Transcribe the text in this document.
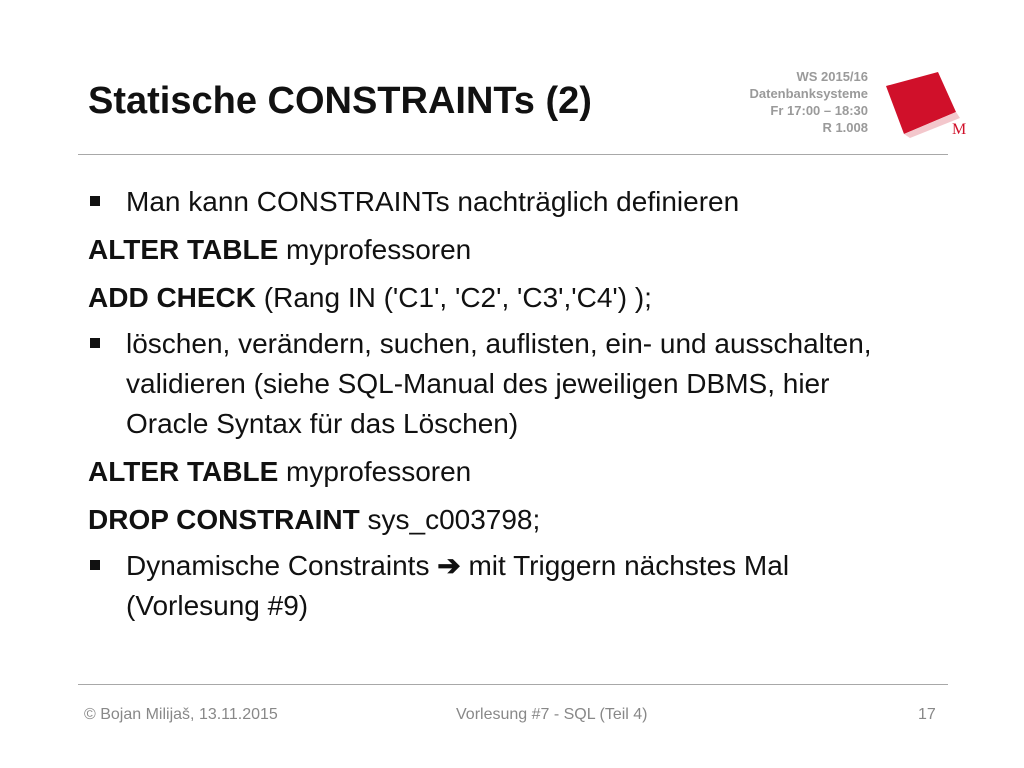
Statische CONSTRAINTs (2)
WS 2015/16
Datenbanksysteme
Fr 17:00 – 18:30
R 1.008	M
Man kann CONSTRAINTs nachträglich definieren
ALTER TABLE myprofessoren
ADD CHECK (Rang IN ('C1', 'C2', 'C3','C4') );
löschen, verändern, suchen, auflisten, ein- und ausschalten, validieren (siehe SQL-Manual des jeweiligen DBMS, hier Oracle Syntax für das Löschen)
ALTER TABLE myprofessoren
DROP CONSTRAINT sys_c003798;
Dynamische Constraints ➔ mit Triggern nächstes Mal (Vorlesung #9)
© Bojan Milijaš, 13.11.2015	Vorlesung #7 - SQL (Teil 4)	17
